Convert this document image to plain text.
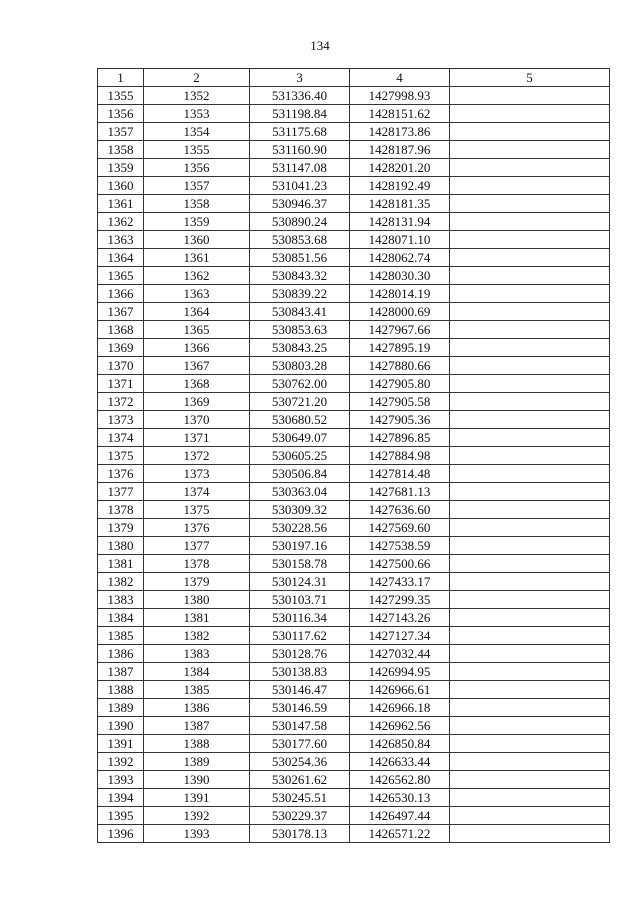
134
1	2	3	4	5
1355	1352	531336.40	1427998.93	
1356	1353	531198.84	1428151.62	
1357	1354	531175.68	1428173.86	
1358	1355	531160.90	1428187.96	
1359	1356	531147.08	1428201.20	
1360	1357	531041.23	1428192.49	
1361	1358	530946.37	1428181.35	
1362	1359	530890.24	1428131.94	
1363	1360	530853.68	1428071.10	
1364	1361	530851.56	1428062.74	
1365	1362	530843.32	1428030.30	
1366	1363	530839.22	1428014.19	
1367	1364	530843.41	1428000.69	
1368	1365	530853.63	1427967.66	
1369	1366	530843.25	1427895.19	
1370	1367	530803.28	1427880.66	
1371	1368	530762.00	1427905.80	
1372	1369	530721.20	1427905.58	
1373	1370	530680.52	1427905.36	
1374	1371	530649.07	1427896.85	
1375	1372	530605.25	1427884.98	
1376	1373	530506.84	1427814.48	
1377	1374	530363.04	1427681.13	
1378	1375	530309.32	1427636.60	
1379	1376	530228.56	1427569.60	
1380	1377	530197.16	1427538.59	
1381	1378	530158.78	1427500.66	
1382	1379	530124.31	1427433.17	
1383	1380	530103.71	1427299.35	
1384	1381	530116.34	1427143.26	
1385	1382	530117.62	1427127.34	
1386	1383	530128.76	1427032.44	
1387	1384	530138.83	1426994.95	
1388	1385	530146.47	1426966.61	
1389	1386	530146.59	1426966.18	
1390	1387	530147.58	1426962.56	
1391	1388	530177.60	1426850.84	
1392	1389	530254.36	1426633.44	
1393	1390	530261.62	1426562.80	
1394	1391	530245.51	1426530.13	
1395	1392	530229.37	1426497.44	
1396	1393	530178.13	1426571.22	
